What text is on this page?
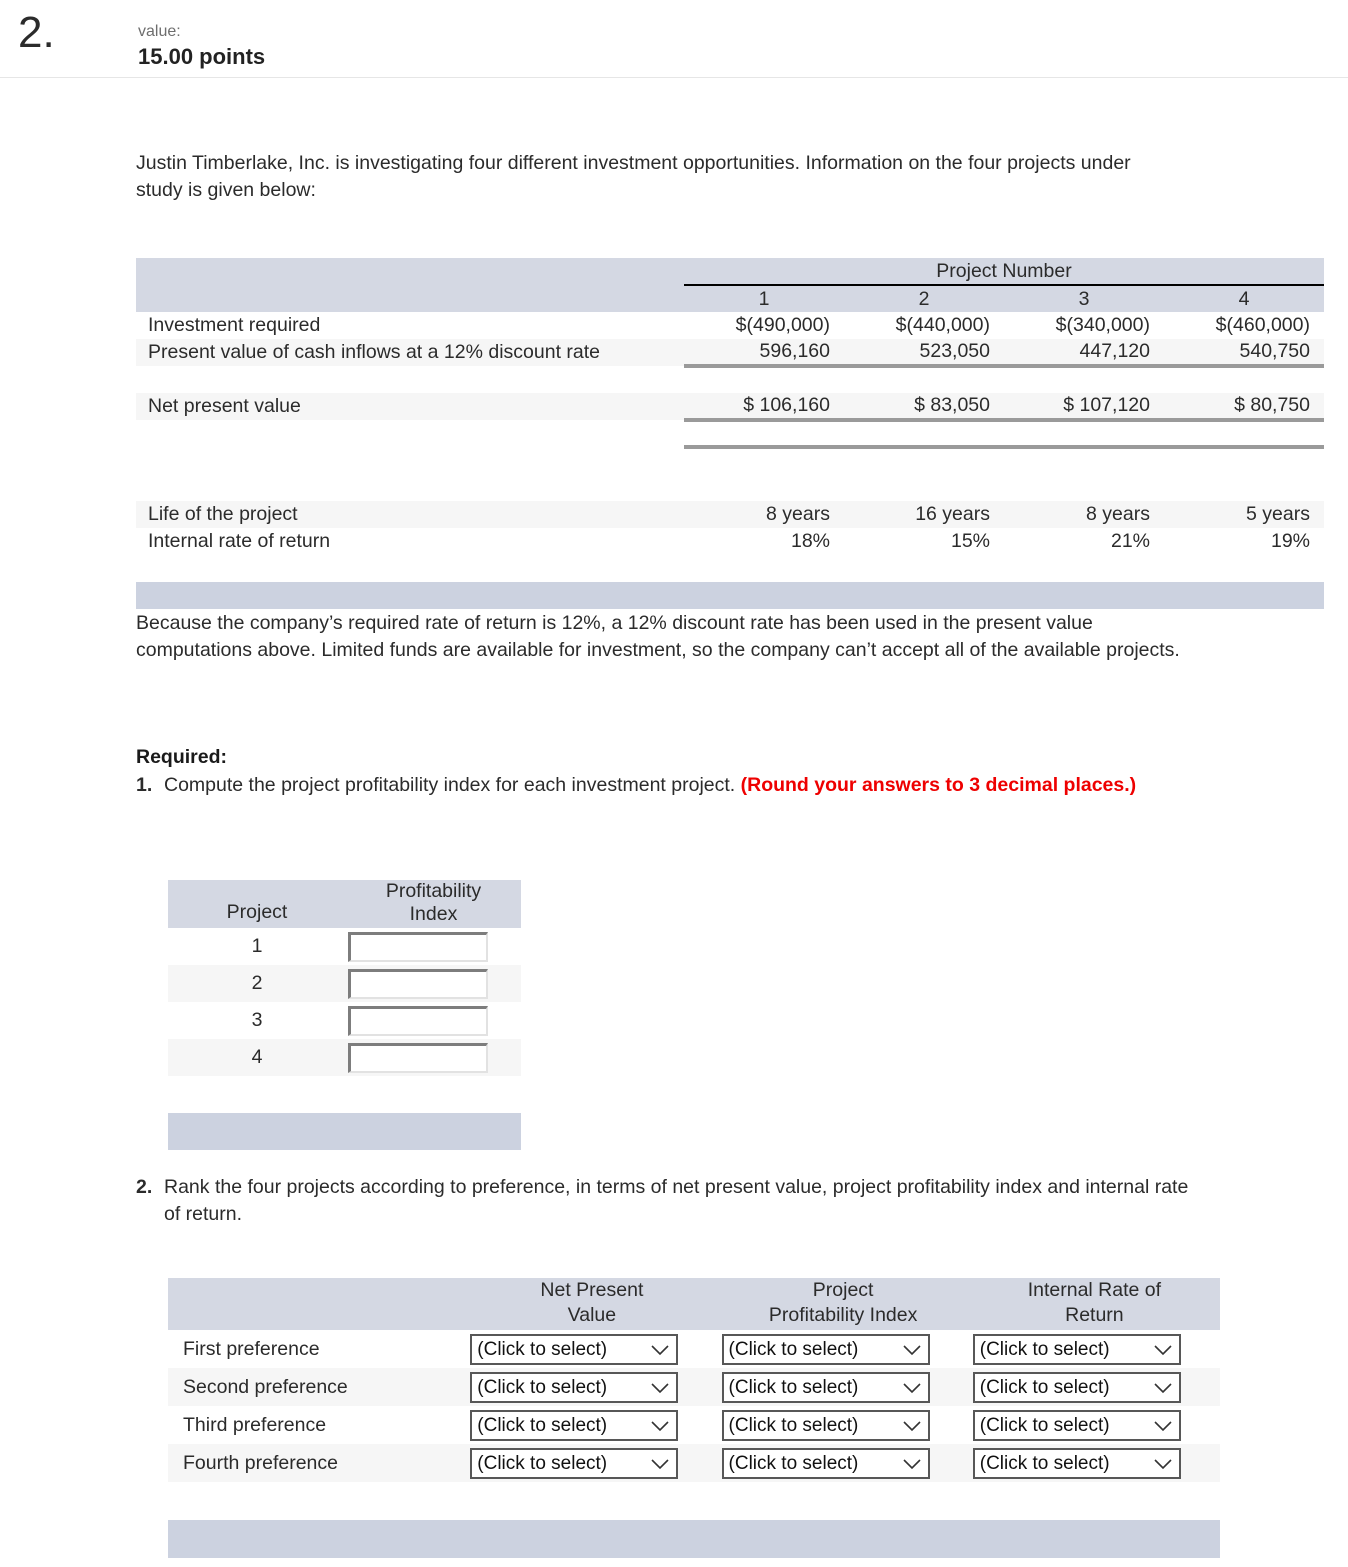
2.	value:
15.00 points
Justin Timberlake, Inc. is investigating four different investment opportunities. Information on the four projects under study is given below:
	Project Number			
	1	2	3	4
Investment required	$(490,000)	$(440,000)	$(340,000)	$(460,000)
Present value of cash inflows at a 12% discount rate	596,160	523,050	447,120	540,750

Net present value	$ 106,160	$ 83,050	$ 107,120	$ 80,750

Life of the project	8 years	16 years	8 years	5 years
Internal rate of return	18%	15%	21%	19%

Because the company’s required rate of return is 12%, a 12% discount rate has been used in the present value computations above. Limited funds are available for investment, so the company can’t accept all of the available projects.
Required:
1. Compute the project profitability index for each investment project. (Round your answers to 3 decimal places.)
Project	Profitability
Index

1	

2	

3	

4	

2. Rank the four projects according to preference, in terms of net present value, project profitability index and internal rate of return.

Net Present
Value

Project
Profitability Index

Internal Rate of
Return

First preference	(Click to select)	(Click to select)	(Click to select)

Second preference	(Click to select)	(Click to select)	(Click to select)

Third preference	(Click to select)	(Click to select)	(Click to select)

Fourth preference	(Click to select)	(Click to select)	(Click to select)
